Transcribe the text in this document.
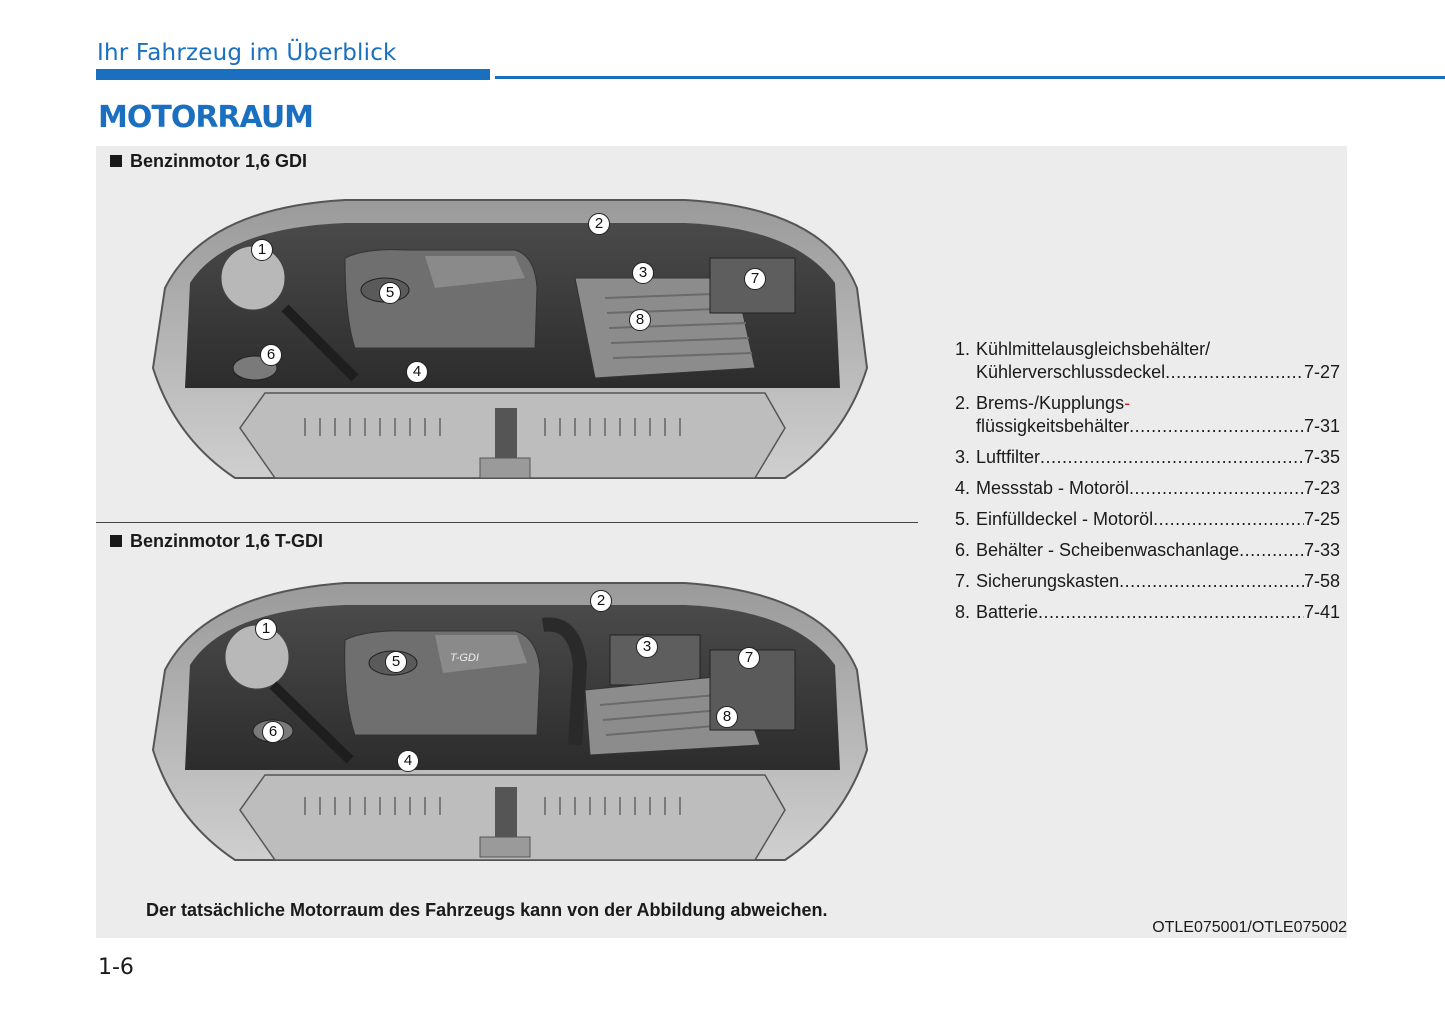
Ihr Fahrzeug im Überblick
MOTORRAUM
Benzinmotor 1,6 GDI
1
2
3
4
5
6
7
8
Benzinmotor 1,6 T-GDI
T-GDI
1
2
3
4
5
6
7
8
1. Kühlmittelausgleichsbehälter/
Kühlerverschlussdeckel .....	7-27
2. Brems-/Kupplungs-
flüssigkeitsbehälter .....	7-31
3. Luftfilter .....	7-35
4. Messstab - Motoröl .....	7-23
5. Einfülldeckel - Motoröl .....	7-25
6. Behälter - Scheibenwaschanlage .....	7-33
7. Sicherungskasten .....	7-58
8. Batterie .....	7-41
Der tatsächliche Motorraum des Fahrzeugs kann von der Abbildung abweichen.
OTLE075001/OTLE075002
1-6
